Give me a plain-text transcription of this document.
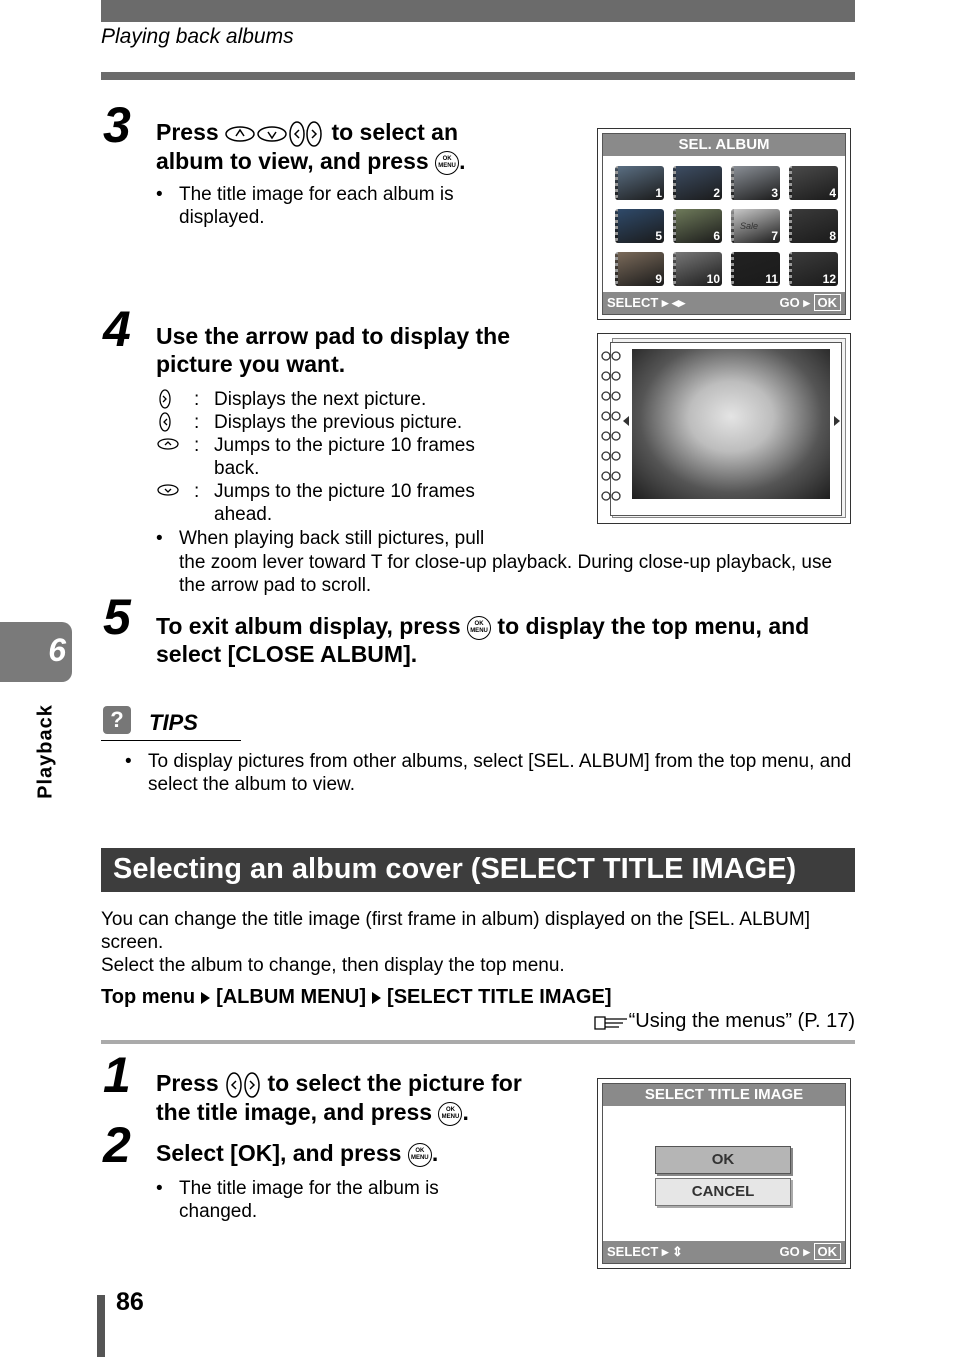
Playing back albums
6
Playback
3 Press	to select an
album to view, and press OK
MENU .
• The title image for each album is displayed.
SEL. ALBUM
1	2	3	4
5	6
Sale
7	8
9	10	11	12
SELECT ▸ ◂▸	GO ▸ OK
4 Use the arrow pad to display the picture you want.
: Displays the next picture.
: Displays the previous picture.
: Jumps to the picture 10 frames back.
: Jumps to the picture 10 frames ahead.
• When playing back still pictures, pull
the zoom lever toward T for close-up playback. During close-up playback, use the arrow pad to scroll.
5 To exit album display, press OK
MENU to display the top menu, and
select [CLOSE ALBUM].
?	TIPS
• To display pictures from other albums, select [SEL. ALBUM] from the top menu, and select the album to view.
Selecting an album cover (SELECT TITLE IMAGE)
You can change the title image (first frame in album) displayed on the [SEL. ALBUM] screen.
Select the album to change, then display the top menu.
Top menu [ALBUM MENU] [SELECT TITLE IMAGE]
“Using the menus” (P. 17)
1 Press to select the picture for
the title image, and press OK
MENU .
2 Select [OK], and press OK
MENU .
• The title image for the album is changed.
SELECT TITLE IMAGE
OK
CANCEL
SELECT ▸ ⇕	GO ▸ OK
86
